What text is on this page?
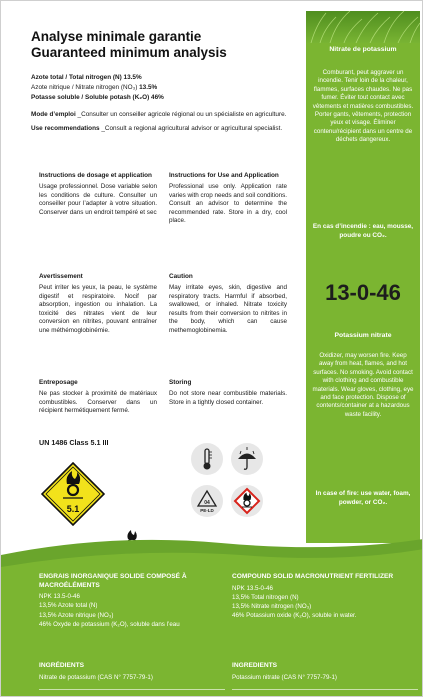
Nitrate de potassium
Comburant, peut aggraver un incendie. Tenir loin de la chaleur, flammes, surfaces chaudes. Ne pas fumer. Éviter tout contact avec vêtements et matières combustibles. Porter gants, vêtements, protection yeux et visage. Éliminer contenu/récipient dans un centre de déchets dangereux.
En cas d’incendie : eau, mousse, poudre ou CO₂.
13-0-46
Potassium nitrate
Oxidizer, may worsen fire. Keep away from heat, flames, and hot surfaces. No smoking. Avoid contact with clothing and combustible materials. Wear gloves, clothing, eye and face protection. Dispose of contents/container at a hazardous waste facility.
In case of fire: use water, foam, powder, or CO₂.
Analyse minimale garantie
Guaranteed minimum analysis
Azote total / Total nitrogen (N) 13.5%
Azote nitrique / Nitrate nitrogen (NO₃) 13.5%
Potasse soluble / Soluble potash (K₂O) 46%
Mode d’emploi _Consulter un conseiller agricole régional ou un spécialiste en agriculture.
Use recommendations _Consult a regional agricultural advisor or agricultural specialist.
Instructions de dosage et application
Usage professionnel. Dose variable selon les conditions de culture. Consulter un conseiller pour l’adapter à votre situation. Conserver dans un endroit tempéré et sec
Avertissement
Peut irriter les yeux, la peau, le système digestif et respiratoire. Nocif par absorption, ingestion ou inhalation. La toxicité des nitrates vient de leur conversion en nitrites, pouvant entraîner une méthémoglobinémie.
Entreposage
Ne pas stocker à proximité de matériaux combustibles. Conserver dans un récipient hermétiquement fermé.
Instructions for Use and Application
Professional use only. Application rate varies with crop needs and soil conditions. Consult an advisor to determine the recommended rate. Store in a dry, cool place.
Caution
May irritate eyes, skin, digestive and respiratory tracts. Harmful if absorbed, swallowed, or inhaled. Nitrate toxicity results from their conversion to nitrites in the body, which can cause methemoglobinemia.
Storing
Do not store near combustible materials. Store in a tightly closed container.
UN 1486 Class 5.1 III
5.1
04
PE-LD
ENGRAIS INORGANIQUE SOLIDE COMPOSÉ À MACROÉLÉMENTS
NPK 13.5-0-46
13,5% Azote total (N)
13,5% Azote nitrique (NO₃)
46% Oxyde de potassium (K₂O), soluble dans l’eau
INGRÉDIENTS
Nitrate de potassium (CAS N° 7757-79-1)
COMPOUND SOLID MACRONUTRIENT FERTILIZER
NPK 13.5-0-46
13,5% Total nitrogen (N)
13,5% Nitrate nitrogen (NO₃)
46% Potassium oxide (K₂O), soluble in water.
INGREDIENTS
Potassium nitrate (CAS N° 7757-79-1)
